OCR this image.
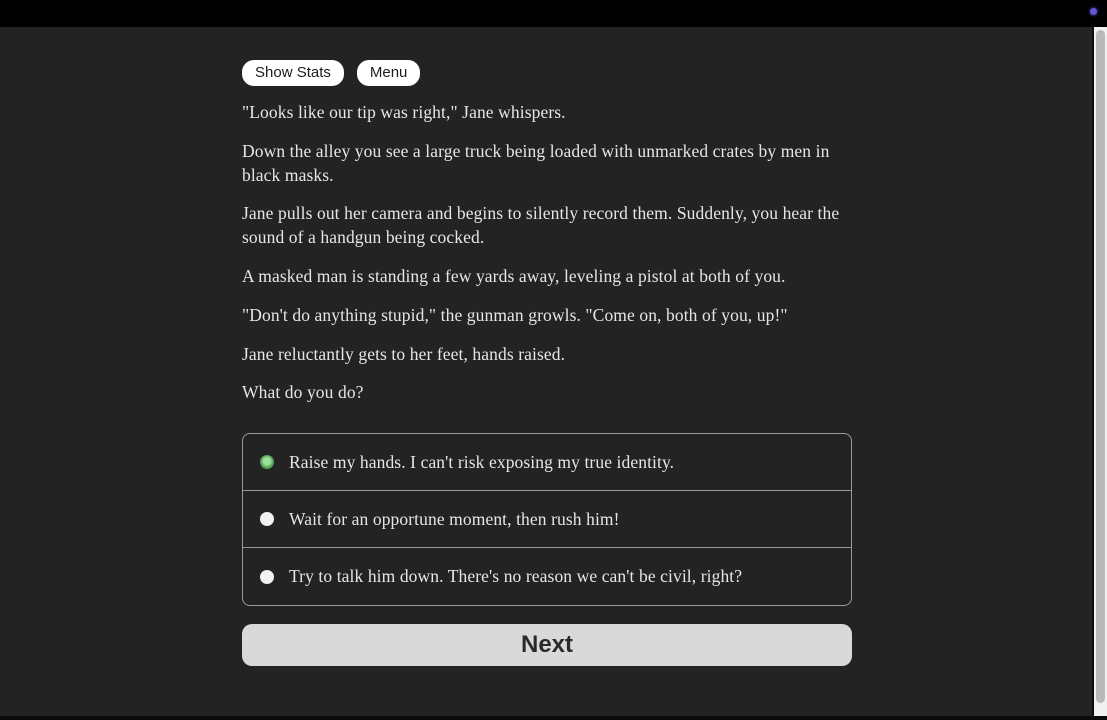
Show Stats	Menu

"Looks like our tip was right," Jane whispers.

Down the alley you see a large truck being loaded with unmarked crates by men in black masks.

Jane pulls out her camera and begins to silently record them. Suddenly, you hear the sound of a handgun being cocked.

A masked man is standing a few yards away, leveling a pistol at both of you.

"Don't do anything stupid," the gunman growls. "Come on, both of you, up!"

Jane reluctantly gets to her feet, hands raised.

What do you do?

Raise my hands. I can't risk exposing my true identity.
Wait for an opportune moment, then rush him!
Try to talk him down. There's no reason we can't be civil, right?
Next
